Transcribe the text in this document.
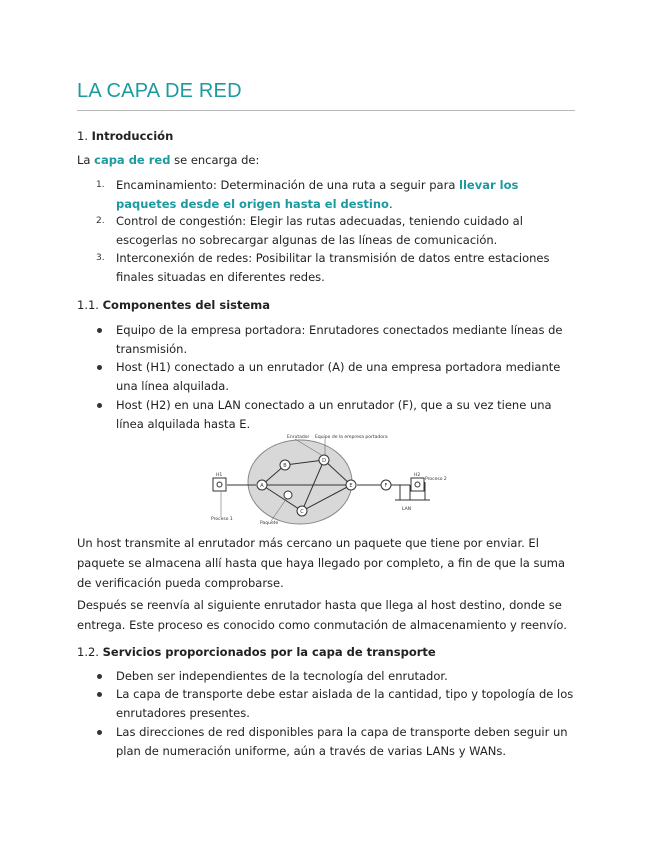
LA CAPA DE RED
1. Introducción
La capa de red se encarga de:
1. Encaminamiento: Determinación de una ruta a seguir para llevar los paquetes desde el origen hasta el destino.
2. Control de congestión: Elegir las rutas adecuadas, teniendo cuidado al escogerlas no sobrecargar algunas de las líneas de comunicación.
3. Interconexión de redes: Posibilitar la transmisión de datos entre estaciones finales situadas en diferentes redes.
1.1. Componentes del sistema
Equipo de la empresa portadora: Enrutadores conectados mediante líneas de transmisión.
Host (H1) conectado a un enrutador (A) de una empresa portadora mediante una línea alquilada.
Host (H2) en una LAN conectado a un enrutador (F), que a su vez tiene una línea alquilada hasta E.
A
B
D
C
E	F
Enrutador Equipo de la empresa portadora
H1	H2
Proceso 1
Proceso 2
Paquete
LAN
Un host transmite al enrutador más cercano un paquete que tiene por enviar. El paquete se almacena allí hasta que haya llegado por completo, a fin de que la suma de verificación pueda comprobarse.
Después se reenvía al siguiente enrutador hasta que llega al host destino, donde se entrega. Este proceso es conocido como conmutación de almacenamiento y reenvío.
1.2. Servicios proporcionados por la capa de transporte
Deben ser independientes de la tecnología del enrutador.
La capa de transporte debe estar aislada de la cantidad, tipo y topología de los enrutadores presentes.
Las direcciones de red disponibles para la capa de transporte deben seguir un plan de numeración uniforme, aún a través de varias LANs y WANs.
